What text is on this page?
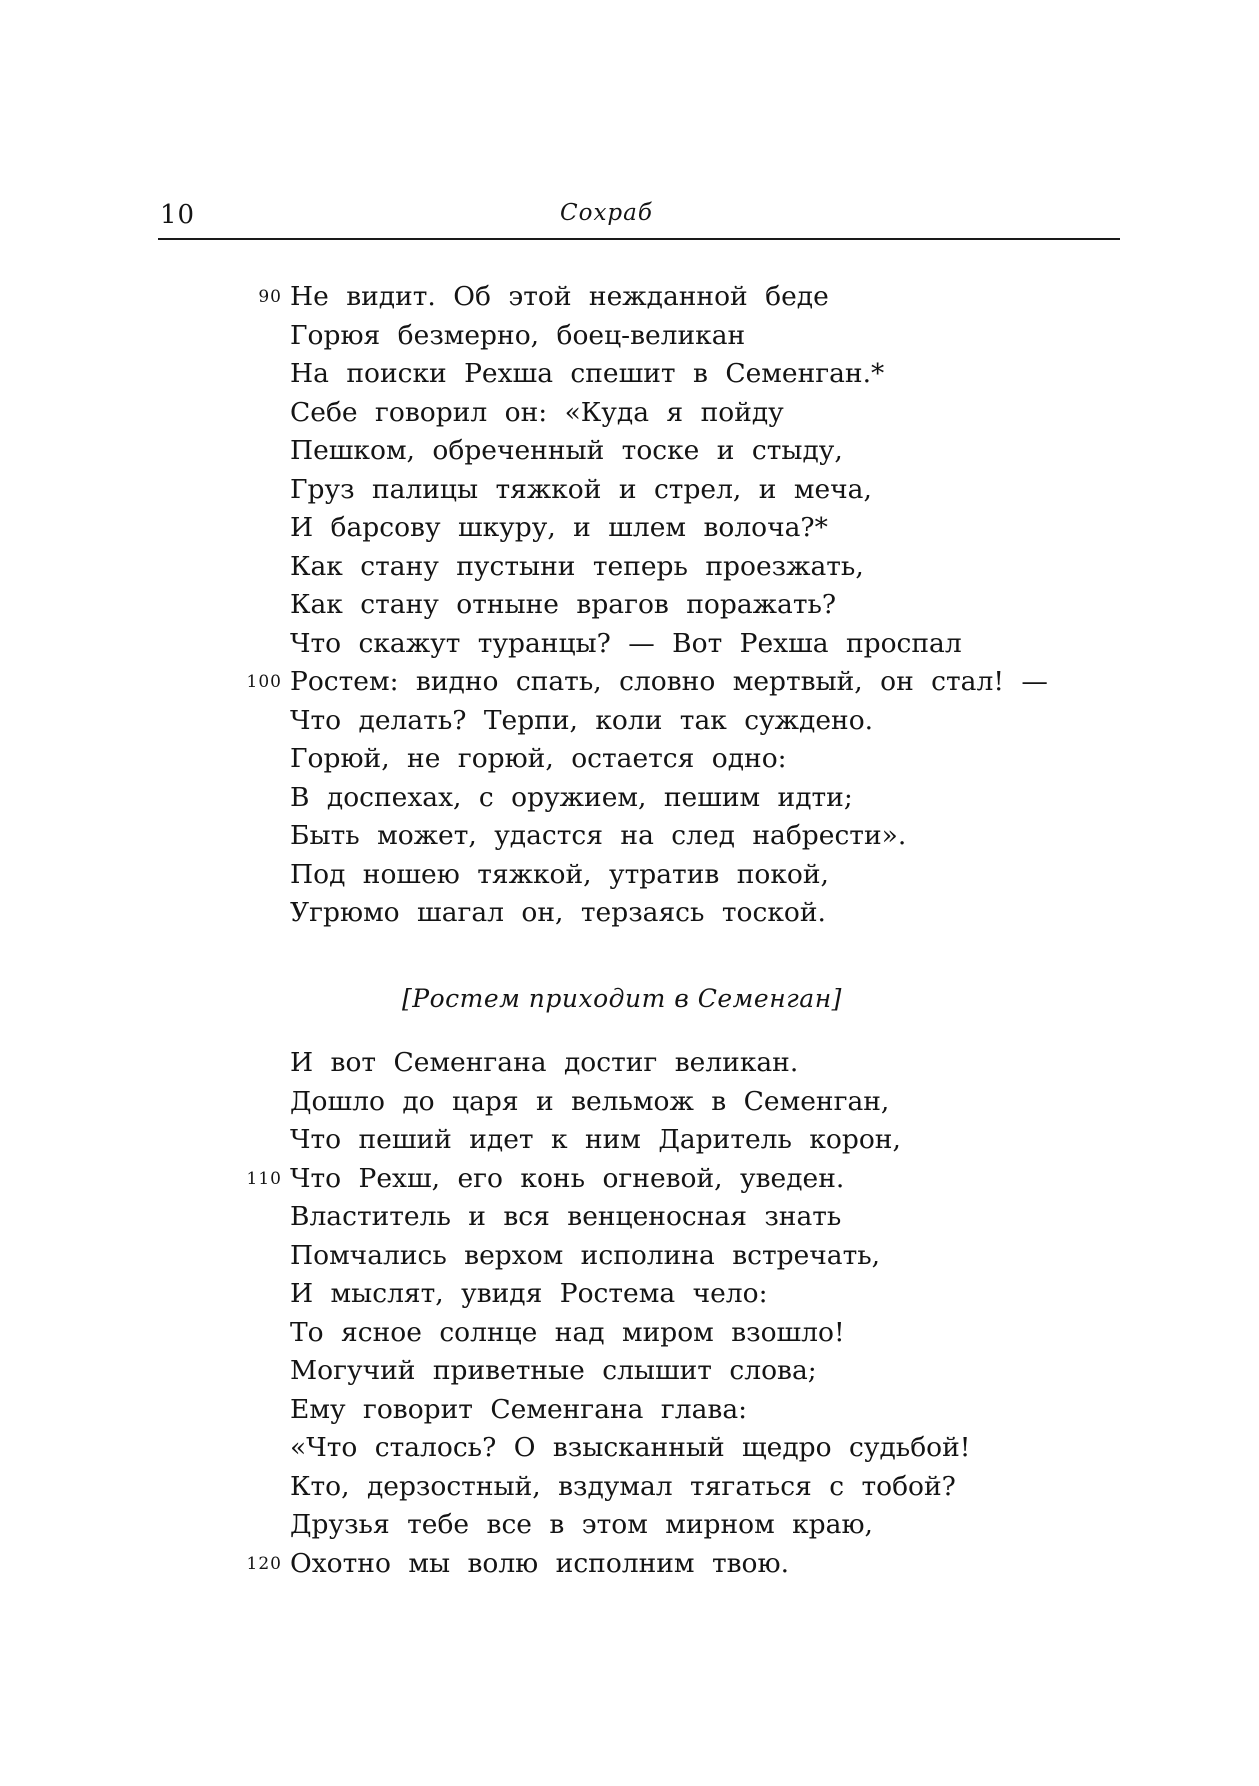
10	Сохраб
90 Не видит. Об этой нежданной беде
Горюя безмерно, боец-великан
На поиски Рехша спешит в Семенган.*
Себе говорил он: «Куда я пойду
Пешком, обреченный тоске и стыду,
Груз палицы тяжкой и стрел, и меча,
И барсову шкуру, и шлем волоча?*
Как стану пустыни теперь проезжать,
Как стану отныне врагов поражать?
Что скажут туранцы? — Вот Рехша проспал
100 Ростем: видно спать, словно мертвый, он стал! —
Что делать? Терпи, коли так суждено.
Горюй, не горюй, остается одно:
В доспехах, с оружием, пешим идти;
Быть может, удастся на след набрести».
Под ношею тяжкой, утратив покой,
Угрюмо шагал он, терзаясь тоской.
[Ростем приходит в Семенган]
И вот Семенгана достиг великан.
Дошло до царя и вельмож в Семенган,
Что пеший идет к ним Даритель корон,
110 Что Рехш, его конь огневой, уведен.
Властитель и вся венценосная знать
Помчались верхом исполина встречать,
И мыслят, увидя Ростема чело:
То ясное солнце над миром взошло!
Могучий приветные слышит слова;
Ему говорит Семенгана глава:
«Что сталось? О взысканный щедро судьбой!
Кто, дерзостный, вздумал тягаться с тобой?
Друзья тебе все в этом мирном краю,
120 Охотно мы волю исполним твою.
